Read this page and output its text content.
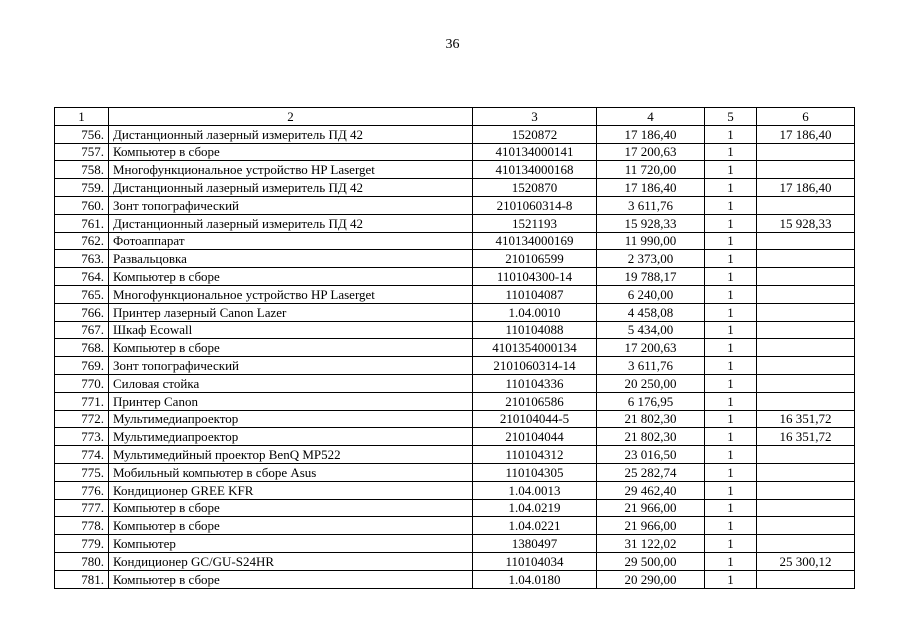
36
1	2	3	4	5	6
756.	Дистанционный лазерный измеритель ПД 42	1520872	17 186,40	1	17 186,40
757.	Компьютер в сборе	410134000141	17 200,63	1	
758.	Многофункциональное устройство HP Laserget	410134000168	11 720,00	1	
759.	Дистанционный лазерный измеритель ПД 42	1520870	17 186,40	1	17 186,40
760.	Зонт топографический	2101060314-8	3 611,76	1	
761.	Дистанционный лазерный измеритель ПД 42	1521193	15 928,33	1	15 928,33
762.	Фотоаппарат	410134000169	11 990,00	1	
763.	Развальцовка	210106599	2 373,00	1	
764.	Компьютер в сборе	110104300-14	19 788,17	1	
765.	Многофункциональное устройство HP Laserget	110104087	6 240,00	1	
766.	Принтер лазерный Canon Lazer	1.04.0010	4 458,08	1	
767.	Шкаф Ecowall	110104088	5 434,00	1	
768.	Компьютер в сборе	4101354000134	17 200,63	1	
769.	Зонт топографический	2101060314-14	3 611,76	1	
770.	Силовая стойка	110104336	20 250,00	1	
771.	Принтер Canon	210106586	6 176,95	1	
772.	Мультимедиапроектор	210104044-5	21 802,30	1	16 351,72
773.	Мультимедиапроектор	210104044	21 802,30	1	16 351,72
774.	Мультимедийный проектор BenQ MP522	110104312	23 016,50	1	
775.	Мобильный компьютер в сборе Asus	110104305	25 282,74	1	
776.	Кондиционер GREE KFR	1.04.0013	29 462,40	1	
777.	Компьютер в сборе	1.04.0219	21 966,00	1	
778.	Компьютер в сборе	1.04.0221	21 966,00	1	
779.	Компьютер	1380497	31 122,02	1	
780.	Кондиционер GC/GU-S24HR	110104034	29 500,00	1	25 300,12
781.	Компьютер в сборе	1.04.0180	20 290,00	1	
